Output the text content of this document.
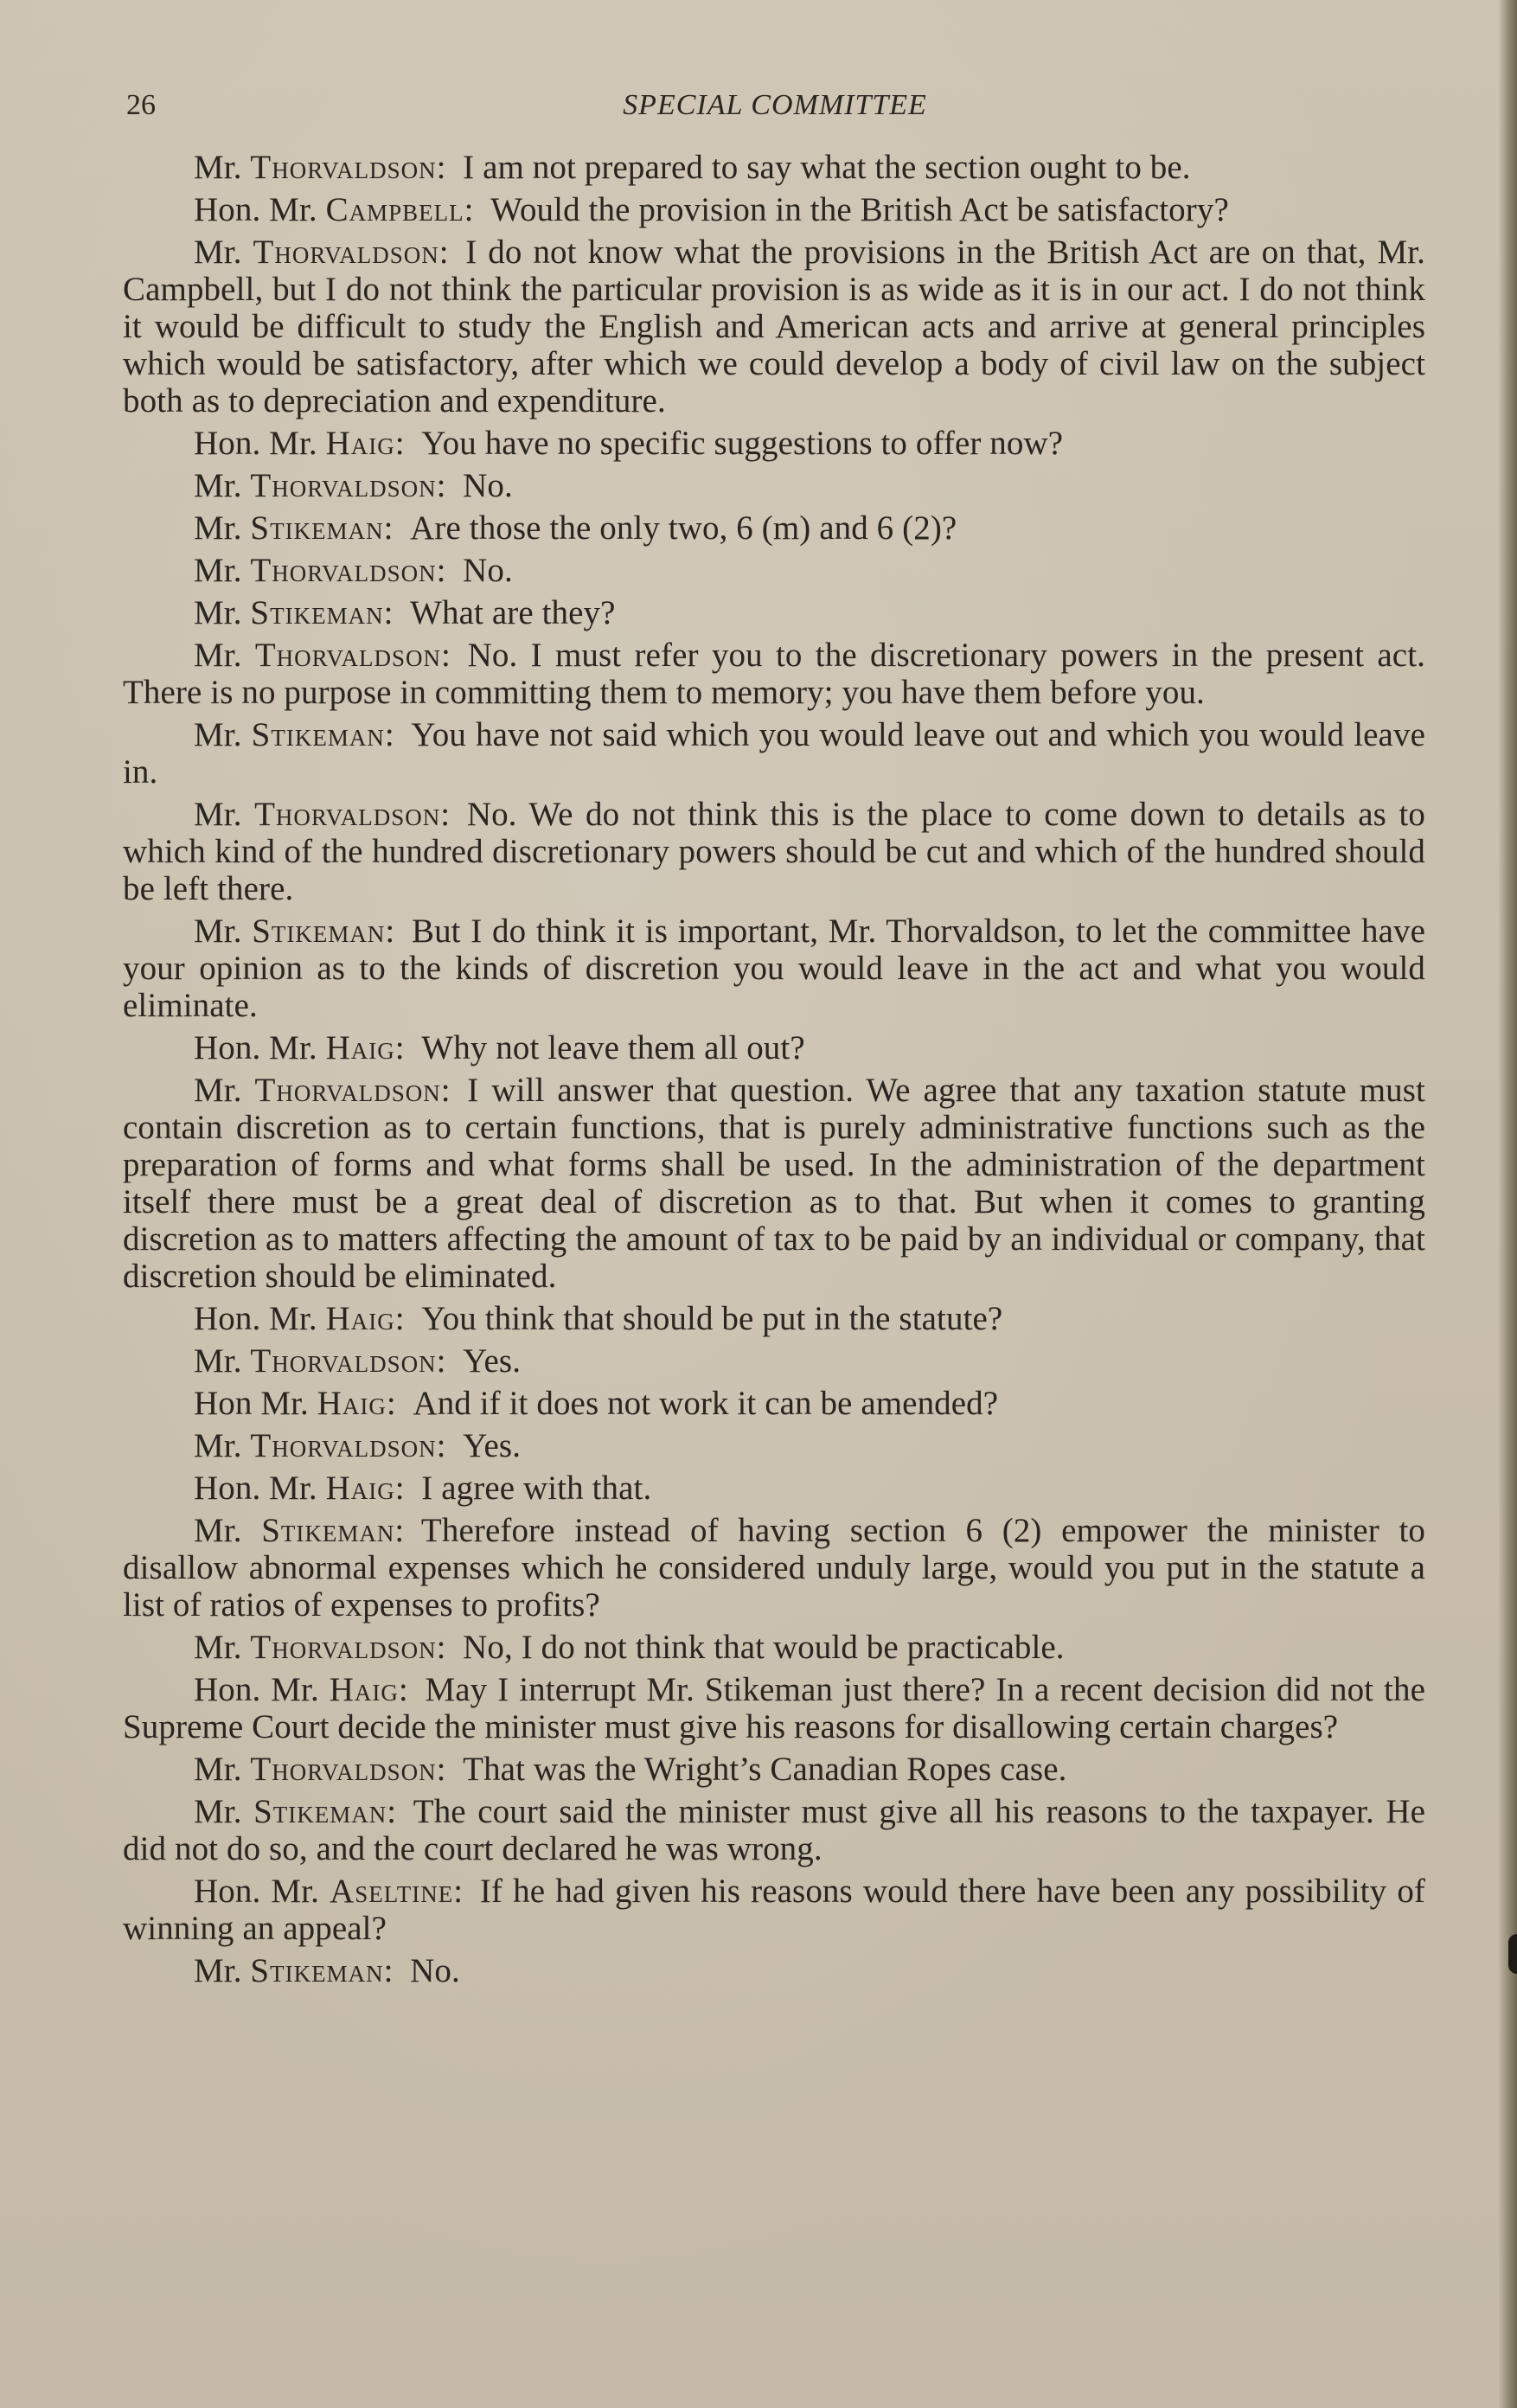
26	SPECIAL COMMITTEE

Mr. Thorvaldson: I am not prepared to say what the section ought to be.

Hon. Mr. Campbell: Would the provision in the British Act be satisfactory?

Mr. Thorvaldson: I do not know what the provisions in the British Act are on that, Mr. Campbell, but I do not think the particular provision is as wide as it is in our act. I do not think it would be difficult to study the English and American acts and arrive at general principles which would be satisfactory, after which we could develop a body of civil law on the subject both as to depreciation and expenditure.

Hon. Mr. Haig: You have no specific suggestions to offer now?

Mr. Thorvaldson: No.

Mr. Stikeman: Are those the only two, 6 (m) and 6 (2)?

Mr. Thorvaldson: No.

Mr. Stikeman: What are they?

Mr. Thorvaldson: No. I must refer you to the discretionary powers in the present act. There is no purpose in committing them to memory; you have them before you.

Mr. Stikeman: You have not said which you would leave out and which you would leave in.

Mr. Thorvaldson: No. We do not think this is the place to come down to details as to which kind of the hundred discretionary powers should be cut and which of the hundred should be left there.

Mr. Stikeman: But I do think it is important, Mr. Thorvaldson, to let the committee have your opinion as to the kinds of discretion you would leave in the act and what you would eliminate.

Hon. Mr. Haig: Why not leave them all out?

Mr. Thorvaldson: I will answer that question. We agree that any taxation statute must contain discretion as to certain functions, that is purely administrative functions such as the preparation of forms and what forms shall be used. In the administration of the department itself there must be a great deal of discretion as to that. But when it comes to granting discretion as to matters affecting the amount of tax to be paid by an individual or company, that discretion should be eliminated.

Hon. Mr. Haig: You think that should be put in the statute?

Mr. Thorvaldson: Yes.

Hon Mr. Haig: And if it does not work it can be amended?

Mr. Thorvaldson: Yes.

Hon. Mr. Haig: I agree with that.

Mr. Stikeman: Therefore instead of having section 6 (2) empower the minister to disallow abnormal expenses which he considered unduly large, would you put in the statute a list of ratios of expenses to profits?

Mr. Thorvaldson: No, I do not think that would be practicable.

Hon. Mr. Haig: May I interrupt Mr. Stikeman just there? In a recent decision did not the Supreme Court decide the minister must give his reasons for disallowing certain charges?

Mr. Thorvaldson: That was the Wright’s Canadian Ropes case.

Mr. Stikeman: The court said the minister must give all his reasons to the taxpayer. He did not do so, and the court declared he was wrong.

Hon. Mr. Aseltine: If he had given his reasons would there have been any possibility of winning an appeal?

Mr. Stikeman: No.
